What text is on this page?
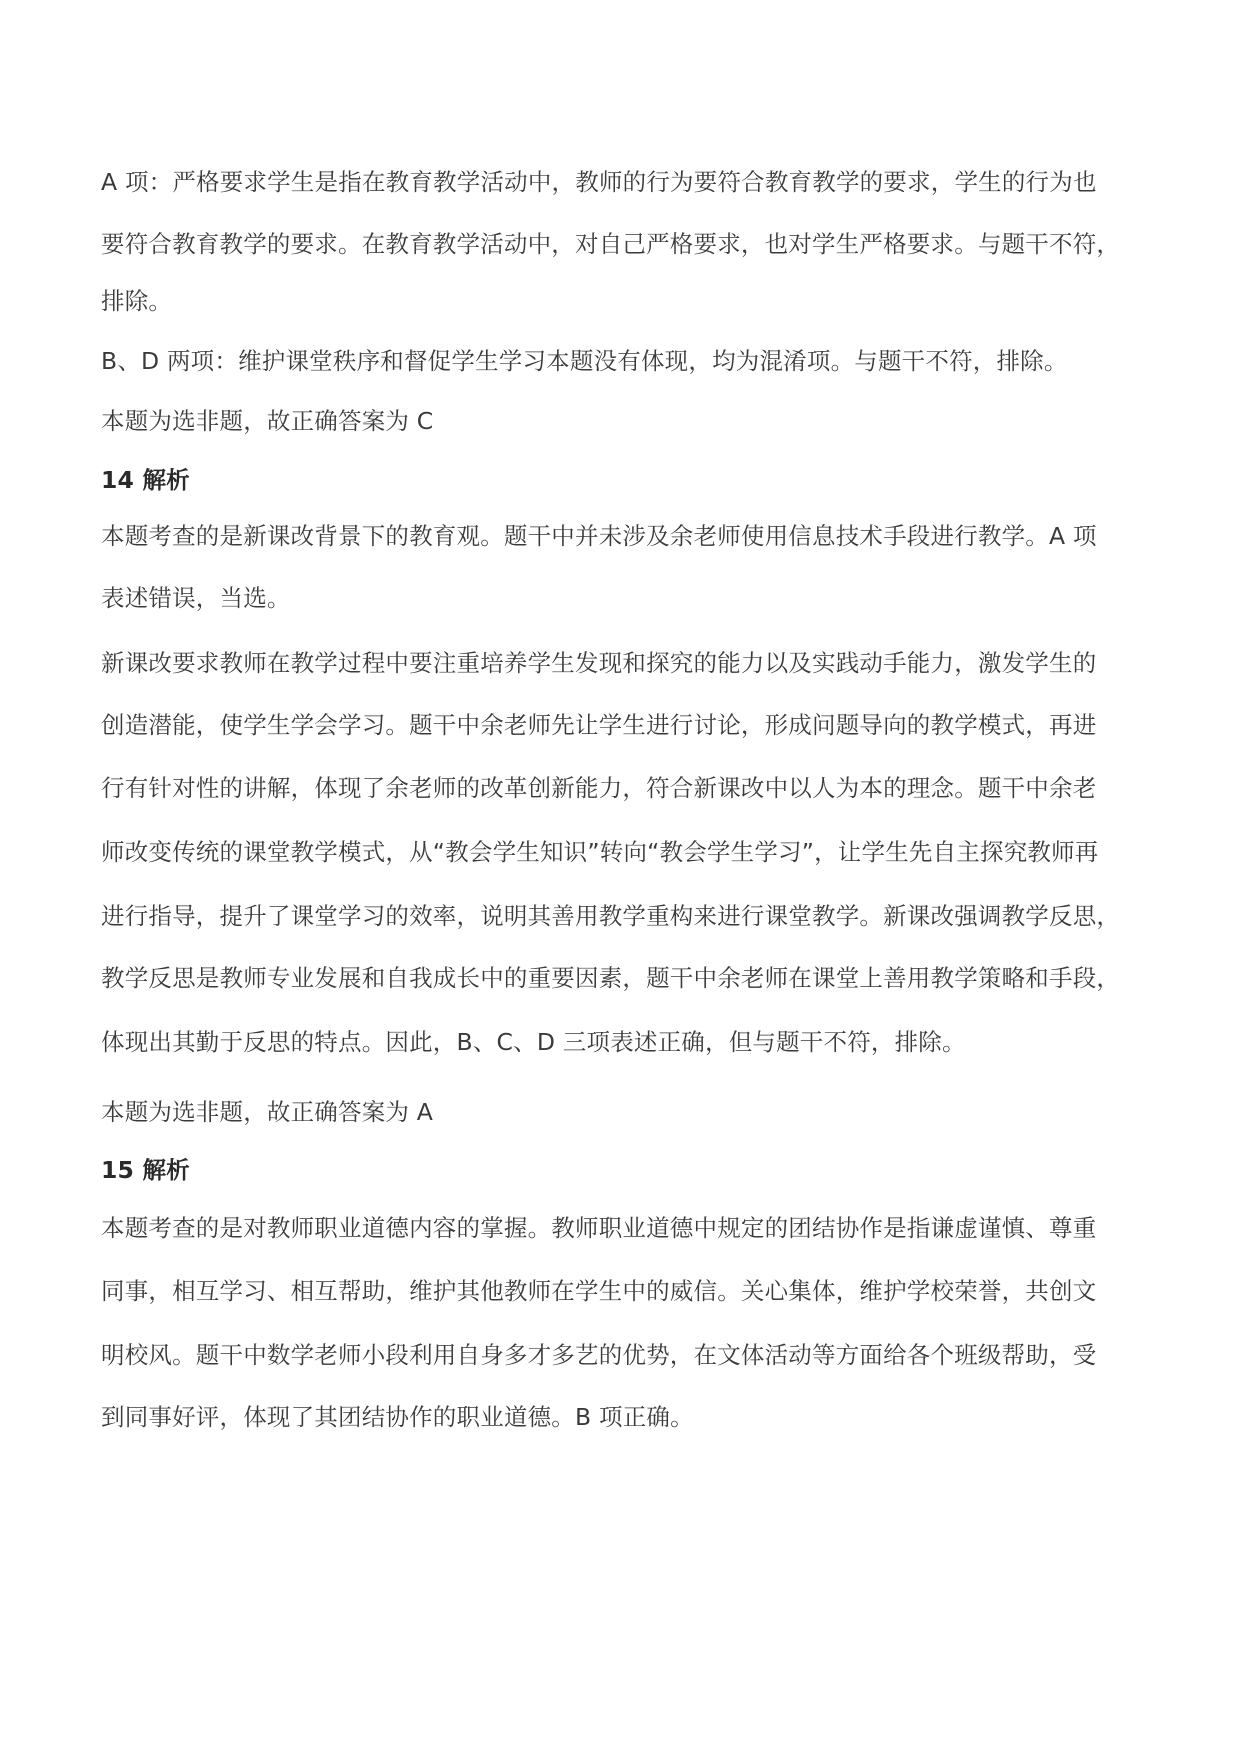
A 项：严格要求学生是指在教育教学活动中，教师的行为要符合教育教学的要求，学生的行为也

要符合教育教学的要求。在教育教学活动中，对自己严格要求，也对学生严格要求。与题干不符，

排除。

B、D 两项：维护课堂秩序和督促学生学习本题没有体现，均为混淆项。与题干不符，排除。

本题为选非题，故正确答案为 C

14 解析

本题考查的是新课改背景下的教育观。题干中并未涉及余老师使用信息技术手段进行教学。A 项

表述错误，当选。

新课改要求教师在教学过程中要注重培养学生发现和探究的能力以及实践动手能力，激发学生的

创造潜能，使学生学会学习。题干中余老师先让学生进行讨论，形成问题导向的教学模式，再进

行有针对性的讲解，体现了余老师的改革创新能力，符合新课改中以人为本的理念。题干中余老

师改变传统的课堂教学模式，从“教会学生知识”转向“教会学生学习”，让学生先自主探究教师再

进行指导，提升了课堂学习的效率，说明其善用教学重构来进行课堂教学。新课改强调教学反思，

教学反思是教师专业发展和自我成长中的重要因素，题干中余老师在课堂上善用教学策略和手段，

体现出其勤于反思的特点。因此，B、C、D 三项表述正确，但与题干不符，排除。

本题为选非题，故正确答案为 A

15 解析

本题考查的是对教师职业道德内容的掌握。教师职业道德中规定的团结协作是指谦虚谨慎、尊重

同事，相互学习、相互帮助，维护其他教师在学生中的威信。关心集体，维护学校荣誉，共创文

明校风。题干中数学老师小段利用自身多才多艺的优势，在文体活动等方面给各个班级帮助，受

到同事好评，体现了其团结协作的职业道德。B 项正确。
